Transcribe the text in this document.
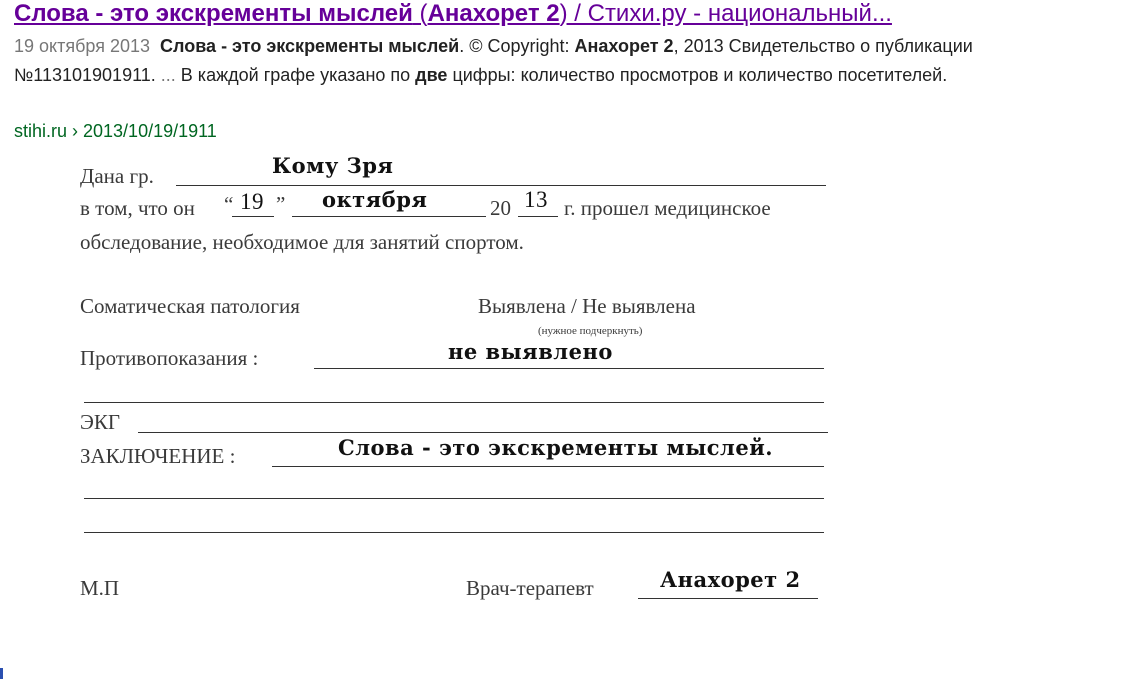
Слова - это экскременты мыслей (Анахорет 2) / Стихи.ру - национальный...
19 октября 2013 Слова - это экскременты мыслей. © Copyright: Анахорет 2, 2013 Свидетельство о публикации №113101901911. ... В каждой графе указано по две цифры: количество просмотров и количество посетителей.
stihi.ru › 2013/10/19/1911
Дана гр.	Кому Зря
в том, что он “ 19 ” октября	20 13 г. прошел медицинское
обследование, необходимое для занятий спортом.
Соматическая патология	Выявлена / Не выявлена
(нужное подчеркнуть)
Противопоказания :	не выявлено
ЭКГ
ЗАКЛЮЧЕНИЕ :	Слова - это экскременты мыслей.
М.П	Врач-терапевт	Анахорет 2
